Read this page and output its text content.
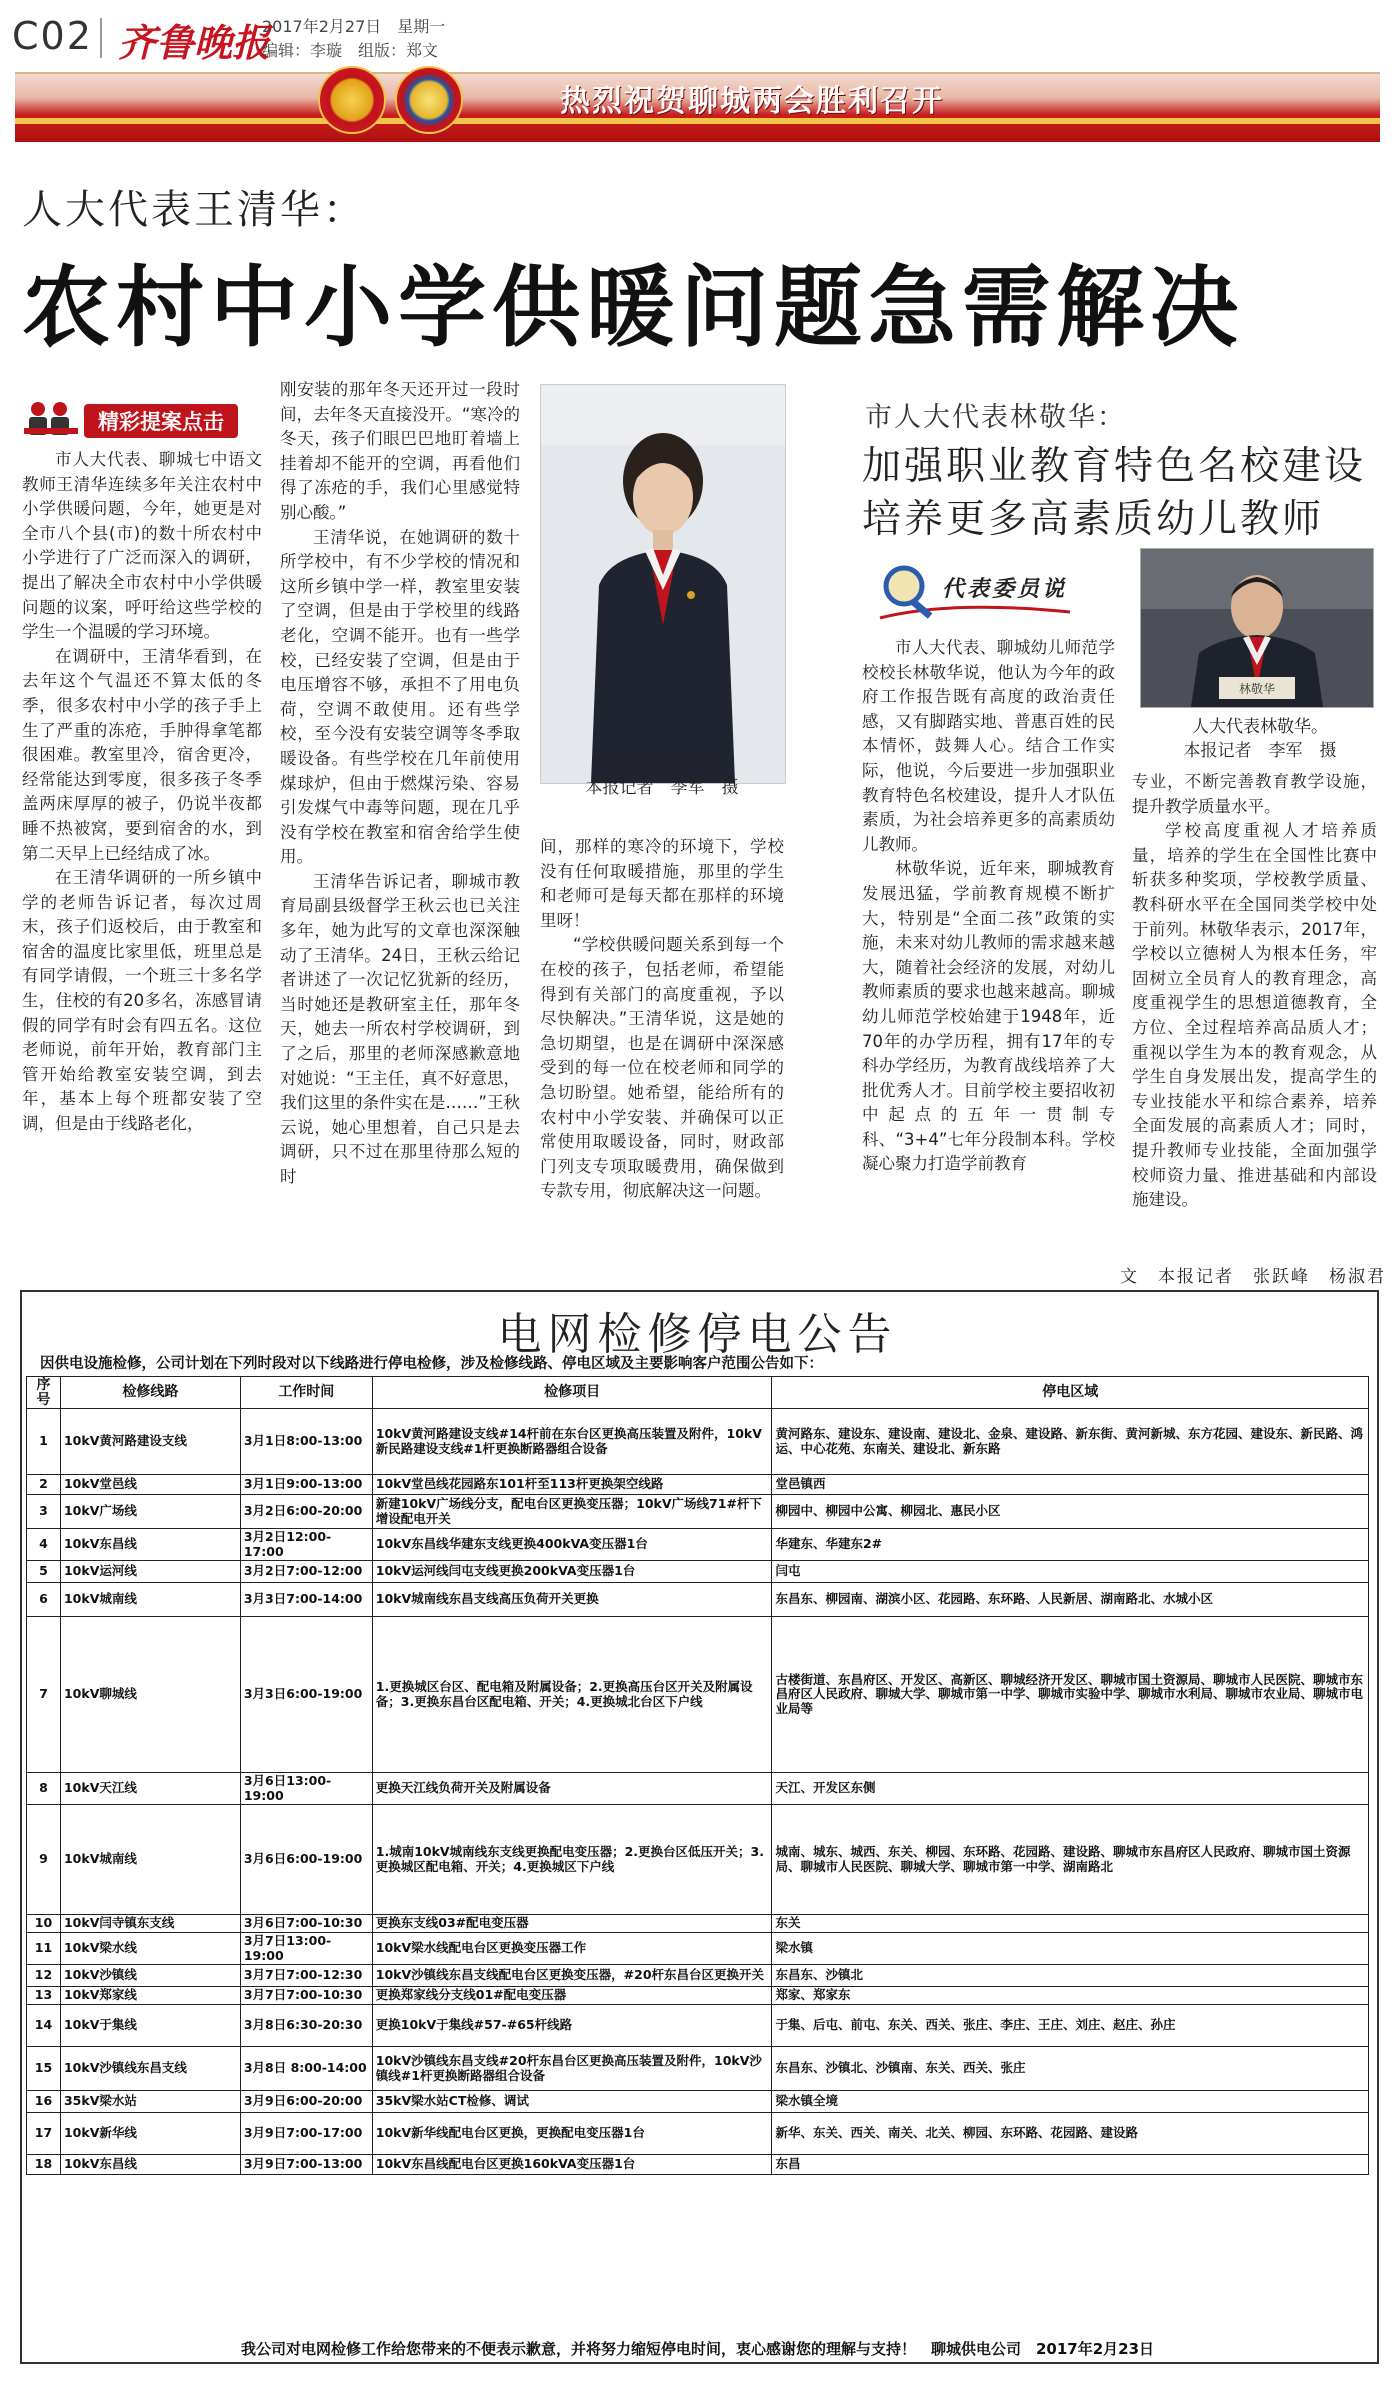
C02 齐鲁晚报
2017年2月27日　星期一
编辑：李璇　组版：郑文
热烈祝贺聊城两会胜利召开
人大代表王清华：
农村中小学供暖问题急需解决
精彩提案点击

市人大代表、聊城七中语文教师王清华连续多年关注农村中小学供暖问题，今年，她更是对全市八个县(市)的数十所农村中小学进行了广泛而深入的调研，提出了解决全市农村中小学供暖问题的议案，呼吁给这些学校的学生一个温暖的学习环境。

在调研中，王清华看到，在去年这个气温还不算太低的冬季，很多农村中小学的孩子手上生了严重的冻疮，手肿得拿笔都很困难。教室里冷，宿舍更冷，经常能达到零度，很多孩子冬季盖两床厚厚的被子，仍说半夜都睡不热被窝，要到宿舍的水，到第二天早上已经结成了冰。

在王清华调研的一所乡镇中学的老师告诉记者，每次过周末，孩子们返校后，由于教室和宿舍的温度比家里低，班里总是有同学请假，一个班三十多名学生，住校的有20多名，冻感冒请假的同学有时会有四五名。这位老师说，前年开始，教育部门主管开始给教室安装空调，到去年，基本上每个班都安装了空调，但是由于线路老化，

刚安装的那年冬天还开过一段时间，去年冬天直接没开。“寒冷的冬天，孩子们眼巴巴地盯着墙上挂着却不能开的空调，再看他们得了冻疮的手，我们心里感觉特别心酸。”

王清华说，在她调研的数十所学校中，有不少学校的情况和这所乡镇中学一样，教室里安装了空调，但是由于学校里的线路老化，空调不能开。也有一些学校，已经安装了空调，但是由于电压增容不够，承担不了用电负荷，空调不敢使用。还有些学校，至今没有安装空调等冬季取暖设备。有些学校在几年前使用煤球炉，但由于燃煤污染、容易引发煤气中毒等问题，现在几乎没有学校在教室和宿舍给学生使用。

王清华告诉记者，聊城市教育局副县级督学王秋云也已关注多年，她为此写的文章也深深触动了王清华。24日，王秋云给记者讲述了一次记忆犹新的经历，当时她还是教研室主任，那年冬天，她去一所农村学校调研，到了之后，那里的老师深感歉意地对她说：“王主任，真不好意思，我们这里的条件实在是……”王秋云说，她心里想着，自己只是去调研，只不过在那里待那么短的时

人大代表王清华。
本报记者　李军　摄

间，那样的寒冷的环境下，学校没有任何取暖措施，那里的学生和老师可是每天都在那样的环境里呀！

“学校供暖问题关系到每一个在校的孩子，包括老师，希望能得到有关部门的高度重视，予以尽快解决。”王清华说，这是她的急切期望，也是在调研中深深感受到的每一位在校老师和同学的急切盼望。她希望，能给所有的农村中小学安装、并确保可以正常使用取暖设备，同时，财政部门列支专项取暖费用，确保做到专款专用，彻底解决这一问题。

市人大代表林敬华：
加强职业教育特色名校建设
培养更多高素质幼儿教师
代表委员说
林敬华
人大代表林敬华。
本报记者　李军　摄

市人大代表、聊城幼儿师范学校校长林敬华说，他认为今年的政府工作报告既有高度的政治责任感，又有脚踏实地、普惠百姓的民本情怀，鼓舞人心。结合工作实际，他说，今后要进一步加强职业教育特色名校建设，提升人才队伍素质，为社会培养更多的高素质幼儿教师。

林敬华说，近年来，聊城教育发展迅猛，学前教育规模不断扩大，特别是“全面二孩”政策的实施，未来对幼儿教师的需求越来越大，随着社会经济的发展，对幼儿教师素质的要求也越来越高。聊城幼儿师范学校始建于1948年，近70年的办学历程，拥有17年的专科办学经历，为教育战线培养了大批优秀人才。目前学校主要招收初中起点的五年一贯制专科、“3+4”七年分段制本科。学校凝心聚力打造学前教育

专业，不断完善教育教学设施，提升教学质量水平。

学校高度重视人才培养质量，培养的学生在全国性比赛中斩获多种奖项，学校教学质量、教科研水平在全国同类学校中处于前列。林敬华表示，2017年，学校以立德树人为根本任务，牢固树立全员育人的教育理念，高度重视学生的思想道德教育，全方位、全过程培养高品质人才；重视以学生为本的教育观念，从学生自身发展出发，提高学生的专业技能水平和综合素养，培养全面发展的高素质人才；同时，提升教师专业技能，全面加强学校师资力量、推进基础和内部设施建设。

文　本报记者　张跃峰　杨淑君
电网检修停电公告
因供电设施检修，公司计划在下列时段对以下线路进行停电检修，涉及检修线路、停电区域及主要影响客户范围公告如下：
序号	检修线路	工作时间	检修项目	停电区域
1	10kV黄河路建设支线	3月1日8:00-13:00	10kV黄河路建设支线#14杆前在东台区更换高压装置及附件，10kV新民路建设支线#1杆更换断路器组合设备	黄河路东、建设东、建设南、建设北、金泉、建设路、新东街、黄河新城、东方花园、建设东、新民路、鸿运、中心花苑、东南关、建设北、新东路
2	10kV堂邑线	3月1日9:00-13:00	10kV堂邑线花园路东101杆至113杆更换架空线路	堂邑镇西
3	10kV广场线	3月2日6:00-20:00	新建10kV广场线分支，配电台区更换变压器；10kV广场线71#杆下增设配电开关	柳园中、柳园中公寓、柳园北、惠民小区
4	10kV东昌线	3月2日12:00-17:00	10kV东昌线华建东支线更换400kVA变压器1台	华建东、华建东2#
5	10kV运河线	3月2日7:00-12:00	10kV运河线闫屯支线更换200kVA变压器1台	闫屯
6	10kV城南线	3月3日7:00-14:00	10kV城南线东昌支线高压负荷开关更换	东昌东、柳园南、湖滨小区、花园路、东环路、人民新居、湖南路北、水城小区
7	10kV聊城线	3月3日6:00-19:00	1.更换城区台区、配电箱及附属设备；2.更换高压台区开关及附属设备；3.更换东昌台区配电箱、开关；4.更换城北台区下户线	古楼街道、东昌府区、开发区、高新区、聊城经济开发区、聊城市国土资源局、聊城市人民医院、聊城市东昌府区人民政府、聊城大学、聊城市第一中学、聊城市实验中学、聊城市水利局、聊城市农业局、聊城市电业局等
8	10kV天江线	3月6日13:00-19:00	更换天江线负荷开关及附属设备	天江、开发区东侧
9	10kV城南线	3月6日6:00-19:00	1.城南10kV城南线东支线更换配电变压器；2.更换台区低压开关；3.更换城区配电箱、开关；4.更换城区下户线	城南、城东、城西、东关、柳园、东环路、花园路、建设路、聊城市东昌府区人民政府、聊城市国土资源局、聊城市人民医院、聊城大学、聊城市第一中学、湖南路北
10	10kV闫寺镇东支线	3月6日7:00-10:30	更换东支线03#配电变压器	东关
11	10kV梁水线	3月7日13:00-19:00	10kV梁水线配电台区更换变压器工作	梁水镇
12	10kV沙镇线	3月7日7:00-12:30	10kV沙镇线东昌支线配电台区更换变压器，#20杆东昌台区更换开关	东昌东、沙镇北
13	10kV郑家线	3月7日7:00-10:30	更换郑家线分支线01#配电变压器	郑家、郑家东
14	10kV于集线	3月8日6:30-20:30	更换10kV于集线#57-#65杆线路	于集、后屯、前屯、东关、西关、张庄、李庄、王庄、刘庄、赵庄、孙庄
15	10kV沙镇线东昌支线	3月8日 8:00-14:00	10kV沙镇线东昌支线#20杆东昌台区更换高压装置及附件，10kV沙镇线#1杆更换断路器组合设备	东昌东、沙镇北、沙镇南、东关、西关、张庄
16	35kV梁水站	3月9日6:00-20:00	35kV梁水站CT检修、调试	梁水镇全境
17	10kV新华线	3月9日7:00-17:00	10kV新华线配电台区更换，更换配电变压器1台	新华、东关、西关、南关、北关、柳园、东环路、花园路、建设路
18	10kV东昌线	3月9日7:00-13:00	10kV东昌线配电台区更换160kVA变压器1台	东昌
我公司对电网检修工作给您带来的不便表示歉意，并将努力缩短停电时间，衷心感谢您的理解与支持！　聊城供电公司　2017年2月23日
